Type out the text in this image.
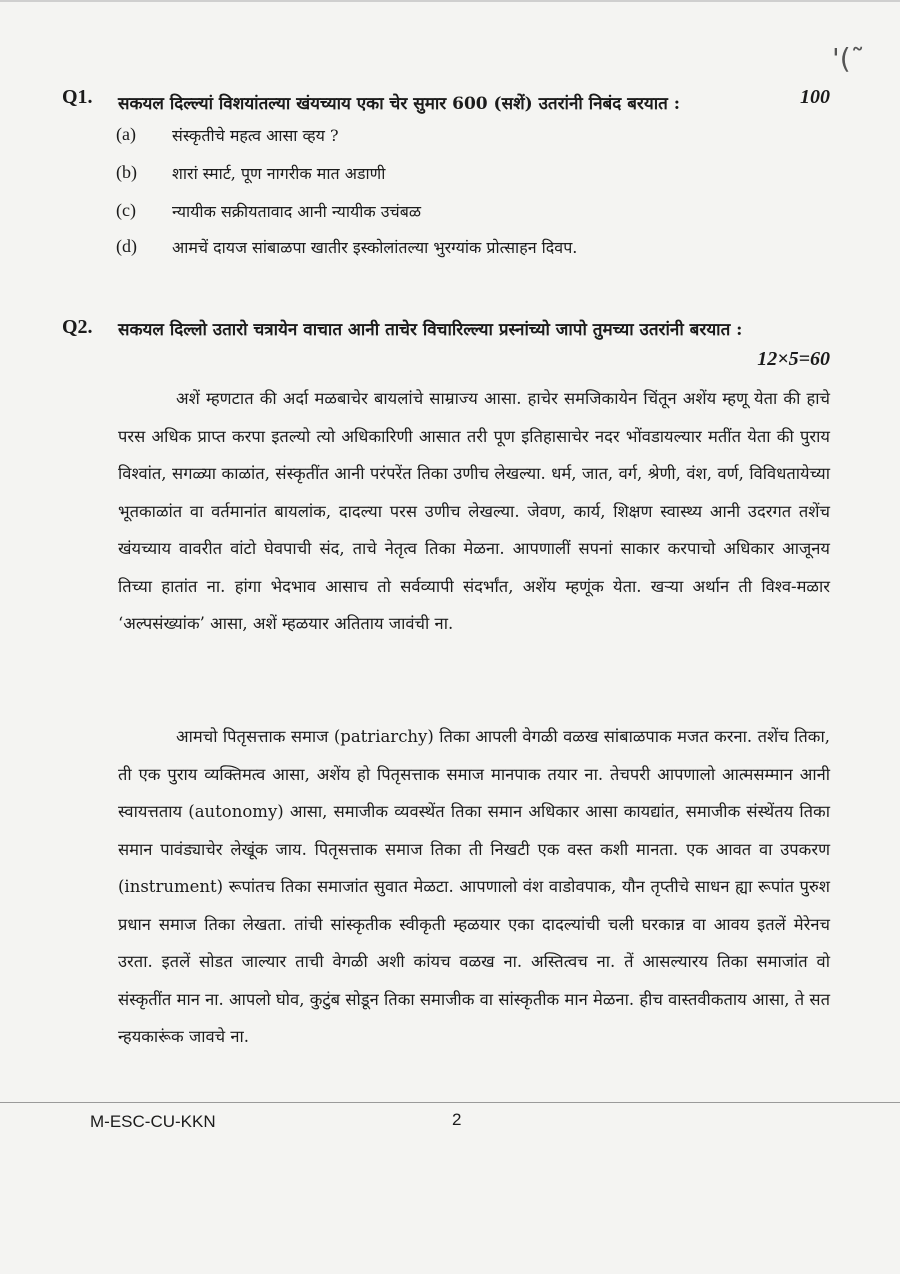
'(˜
Q1. सकयल दिल्ल्यां विशयांतल्या खंयच्याय एका चेर सुमार 600 (सशें) उतरांनी निबंद बरयात :	100
(a) संस्कृतीचे महत्व आसा व्हय ?
(b) शारां स्मार्ट, पूण नागरीक मात अडाणी
(c) न्यायीक सक्रीयतावाद आनी न्यायीक उचंबळ
(d) आमचें दायज सांबाळपा खातीर इस्कोलांतल्या भुरग्यांक प्रोत्साहन दिवप.
Q2. सकयल दिल्लो उतारो चत्रायेन वाचात आनी ताचेर विचारिल्ल्या प्रस्नांच्यो जापो तुमच्या उतरांनी बरयात :
12×5=60

अशें म्हणटात की अर्दा मळबाचेर बायलांचे साम्राज्य आसा. हाचेर समजिकायेन चिंतून अशेंय म्हणू येता की हाचे परस अधिक प्राप्त करपा इतल्यो त्यो अधिकारिणी आसात तरी पूण इतिहासाचेर नदर भोंवडायल्यार मतींत येता की पुराय विश्वांत, सगळ्या काळांत, संस्कृतींत आनी परंपरेंत तिका उणीच लेखल्या. धर्म, जात, वर्ग, श्रेणी, वंश, वर्ण, विविधतायेच्या भूतकाळांत वा वर्तमानांत बायलांक, दादल्या परस उणीच लेखल्या. जेवण, कार्य, शिक्षण स्वास्थ्य आनी उदरगत तशेंच खंयच्याय वावरीत वांटो घेवपाची संद, ताचे नेतृत्व तिका मेळना. आपणालीं सपनां साकार करपाचो अधिकार आजूनय तिच्या हातांत ना. हांगा भेदभाव आसाच तो सर्वव्यापी संदर्भांत, अशेंय म्हणूंक येता. खऱ्या अर्थान ती विश्व-मळार ‘अल्पसंख्यांक’ आसा, अशें म्हळयार अतिताय जावंची ना.

आमचो पितृसत्ताक समाज (patriarchy) तिका आपली वेगळी वळख सांबाळपाक मजत करना. तशेंच तिका, ती एक पुराय व्यक्तिमत्व आसा, अशेंय हो पितृसत्ताक समाज मानपाक तयार ना. तेचपरी आपणालो आत्मसम्मान आनी स्वायत्तताय (autonomy) आसा, समाजीक व्यवस्थेंत तिका समान अधिकार आसा कायद्यांत, समाजीक संस्थेंतय तिका समान पावंड्याचेर लेखूंक जाय. पितृसत्ताक समाज तिका ती निखटी एक वस्त कशी मानता. एक आवत वा उपकरण (instrument) रूपांतच तिका समाजांत सुवात मेळटा. आपणालो वंश वाडोवपाक, यौन तृप्तीचे साधन ह्या रूपांत पुरुश प्रधान समाज तिका लेखता. तांची सांस्कृतीक स्वीकृती म्हळयार एका दादल्यांची चली घरकान्न वा आवय इतलें मेरेनच उरता. इतलें सोडत जाल्यार ताची वेगळी अशी कांयच वळख ना. अस्तित्वच ना. तें आसल्यारय तिका समाजांत वो संस्कृतींत मान ना. आपलो घोव, कुटुंब सोडून तिका समाजीक वा सांस्कृतीक मान मेळना. हीच वास्तवीकताय आसा, ते सत न्हयकारूंक जावचे ना.

M-ESC-CU-KKN	2
